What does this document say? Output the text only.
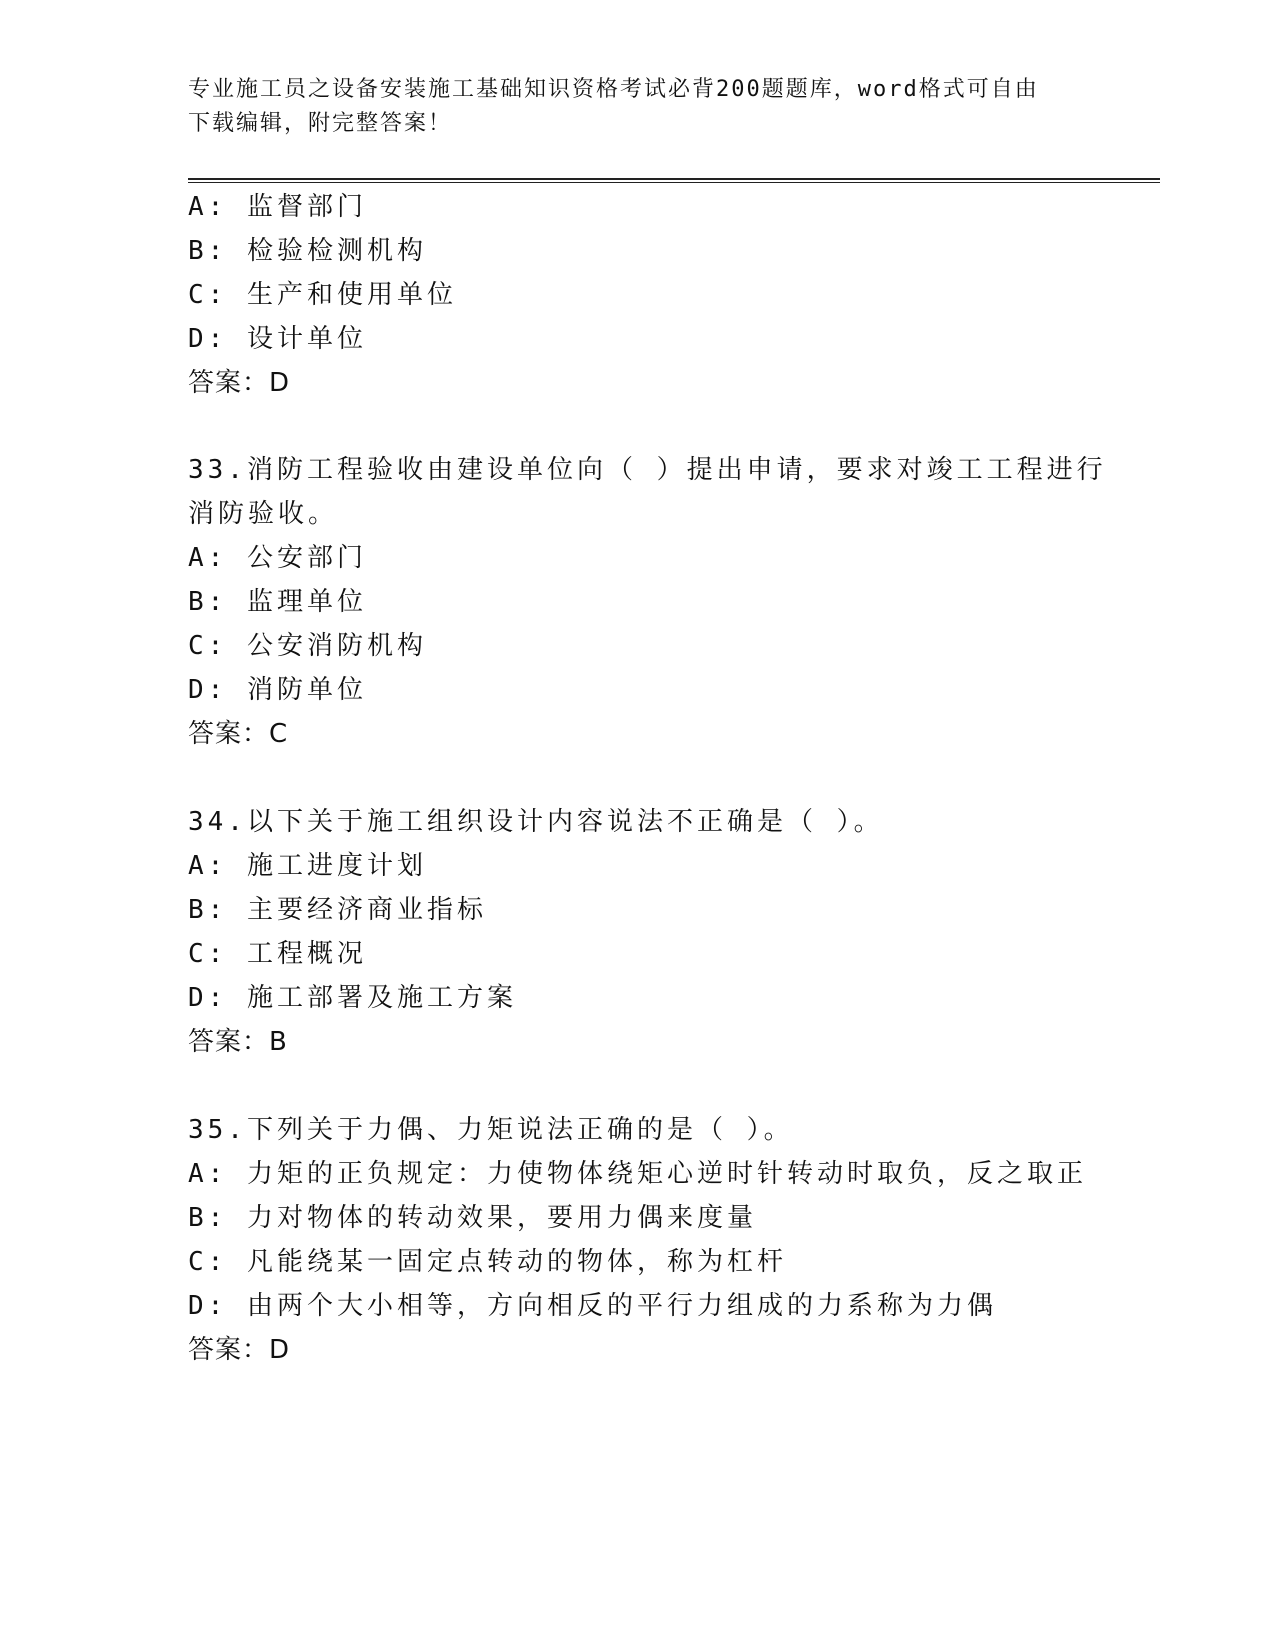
专业施工员之设备安装施工基础知识资格考试必背200题题库，word格式可自由
下载编辑，附完整答案！
A: 监督部门
B: 检验检测机构
C: 生产和使用单位
D: 设计单位
答案：D
33.消防工程验收由建设单位向（ ）提出申请，要求对竣工工程进行
消防验收。
A: 公安部门
B: 监理单位
C: 公安消防机构
D: 消防单位
答案：C
34.以下关于施工组织设计内容说法不正确是（ ）。
A: 施工进度计划
B: 主要经济商业指标
C: 工程概况
D: 施工部署及施工方案
答案：B
35.下列关于力偶、力矩说法正确的是（ ）。
A: 力矩的正负规定：力使物体绕矩心逆时针转动时取负，反之取正
B: 力对物体的转动效果，要用力偶来度量
C: 凡能绕某一固定点转动的物体，称为杠杆
D: 由两个大小相等，方向相反的平行力组成的力系称为力偶
答案：D
